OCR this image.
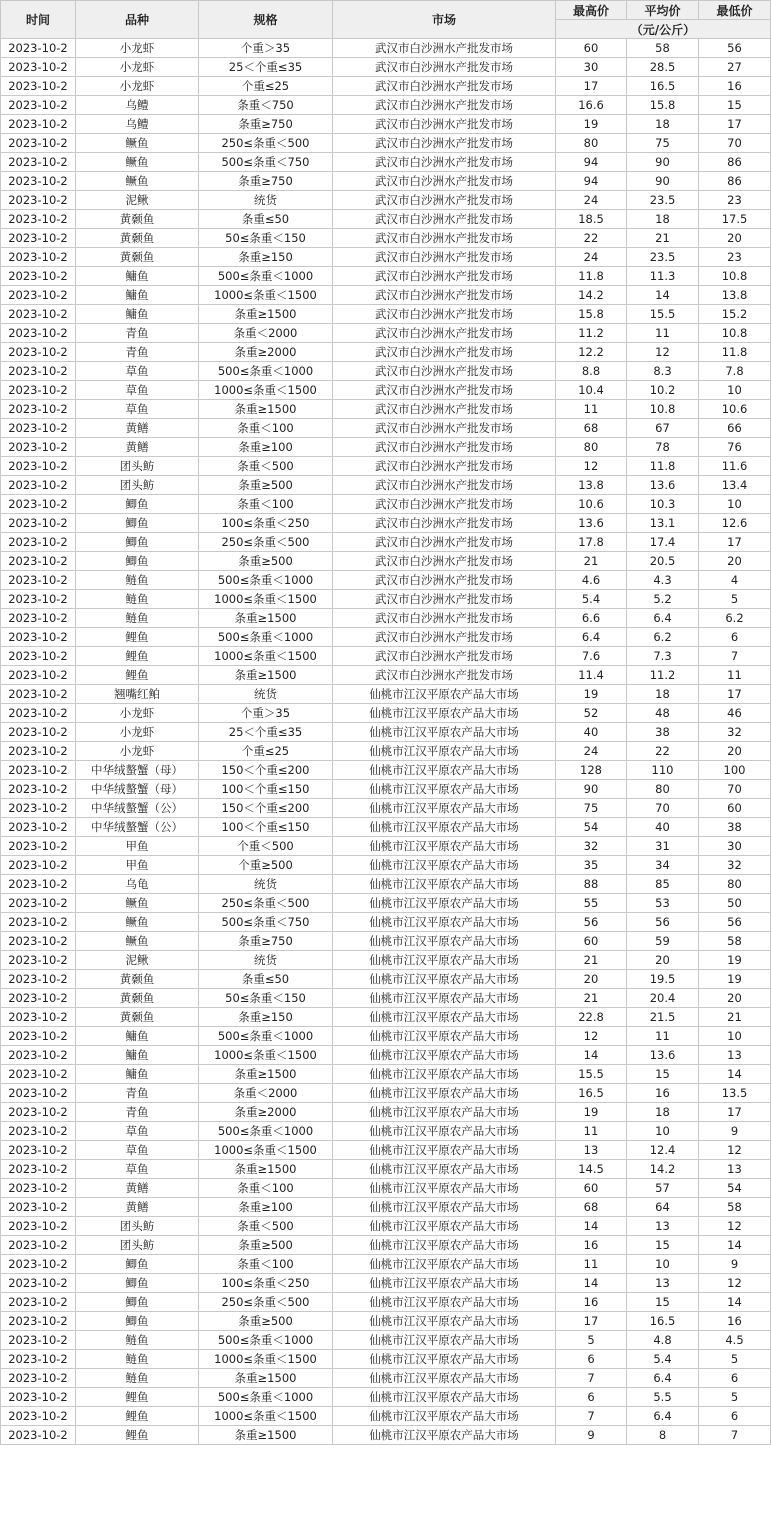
时间	品种	规格	市场	最高价	平均价	最低价
				（元/公斤）		
2023-10-2	小龙虾	个重＞35	武汉市白沙洲水产批发市场	60	58	56
2023-10-2	小龙虾	25＜个重≤35	武汉市白沙洲水产批发市场	30	28.5	27
2023-10-2	小龙虾	个重≤25	武汉市白沙洲水产批发市场	17	16.5	16
2023-10-2	乌鳢	条重＜750	武汉市白沙洲水产批发市场	16.6	15.8	15
2023-10-2	乌鳢	条重≥750	武汉市白沙洲水产批发市场	19	18	17
2023-10-2	鳜鱼	250≤条重＜500	武汉市白沙洲水产批发市场	80	75	70
2023-10-2	鳜鱼	500≤条重＜750	武汉市白沙洲水产批发市场	94	90	86
2023-10-2	鳜鱼	条重≥750	武汉市白沙洲水产批发市场	94	90	86
2023-10-2	泥鳅	统货	武汉市白沙洲水产批发市场	24	23.5	23
2023-10-2	黄颡鱼	条重≤50	武汉市白沙洲水产批发市场	18.5	18	17.5
2023-10-2	黄颡鱼	50≤条重＜150	武汉市白沙洲水产批发市场	22	21	20
2023-10-2	黄颡鱼	条重≥150	武汉市白沙洲水产批发市场	24	23.5	23
2023-10-2	鳙鱼	500≤条重＜1000	武汉市白沙洲水产批发市场	11.8	11.3	10.8
2023-10-2	鳙鱼	1000≤条重＜1500	武汉市白沙洲水产批发市场	14.2	14	13.8
2023-10-2	鳙鱼	条重≥1500	武汉市白沙洲水产批发市场	15.8	15.5	15.2
2023-10-2	青鱼	条重＜2000	武汉市白沙洲水产批发市场	11.2	11	10.8
2023-10-2	青鱼	条重≥2000	武汉市白沙洲水产批发市场	12.2	12	11.8
2023-10-2	草鱼	500≤条重＜1000	武汉市白沙洲水产批发市场	8.8	8.3	7.8
2023-10-2	草鱼	1000≤条重＜1500	武汉市白沙洲水产批发市场	10.4	10.2	10
2023-10-2	草鱼	条重≥1500	武汉市白沙洲水产批发市场	11	10.8	10.6
2023-10-2	黄鳝	条重＜100	武汉市白沙洲水产批发市场	68	67	66
2023-10-2	黄鳝	条重≥100	武汉市白沙洲水产批发市场	80	78	76
2023-10-2	团头鲂	条重＜500	武汉市白沙洲水产批发市场	12	11.8	11.6
2023-10-2	团头鲂	条重≥500	武汉市白沙洲水产批发市场	13.8	13.6	13.4
2023-10-2	鲫鱼	条重＜100	武汉市白沙洲水产批发市场	10.6	10.3	10
2023-10-2	鲫鱼	100≤条重＜250	武汉市白沙洲水产批发市场	13.6	13.1	12.6
2023-10-2	鲫鱼	250≤条重＜500	武汉市白沙洲水产批发市场	17.8	17.4	17
2023-10-2	鲫鱼	条重≥500	武汉市白沙洲水产批发市场	21	20.5	20
2023-10-2	鲢鱼	500≤条重＜1000	武汉市白沙洲水产批发市场	4.6	4.3	4
2023-10-2	鲢鱼	1000≤条重＜1500	武汉市白沙洲水产批发市场	5.4	5.2	5
2023-10-2	鲢鱼	条重≥1500	武汉市白沙洲水产批发市场	6.6	6.4	6.2
2023-10-2	鲤鱼	500≤条重＜1000	武汉市白沙洲水产批发市场	6.4	6.2	6
2023-10-2	鲤鱼	1000≤条重＜1500	武汉市白沙洲水产批发市场	7.6	7.3	7
2023-10-2	鲤鱼	条重≥1500	武汉市白沙洲水产批发市场	11.4	11.2	11
2023-10-2	翘嘴红鲌	统货	仙桃市江汉平原农产品大市场	19	18	17
2023-10-2	小龙虾	个重＞35	仙桃市江汉平原农产品大市场	52	48	46
2023-10-2	小龙虾	25＜个重≤35	仙桃市江汉平原农产品大市场	40	38	32
2023-10-2	小龙虾	个重≤25	仙桃市江汉平原农产品大市场	24	22	20
2023-10-2	中华绒螯蟹（母）	150＜个重≤200	仙桃市江汉平原农产品大市场	128	110	100
2023-10-2	中华绒螯蟹（母）	100＜个重≤150	仙桃市江汉平原农产品大市场	90	80	70
2023-10-2	中华绒螯蟹（公）	150＜个重≤200	仙桃市江汉平原农产品大市场	75	70	60
2023-10-2	中华绒螯蟹（公）	100＜个重≤150	仙桃市江汉平原农产品大市场	54	40	38
2023-10-2	甲鱼	个重＜500	仙桃市江汉平原农产品大市场	32	31	30
2023-10-2	甲鱼	个重≥500	仙桃市江汉平原农产品大市场	35	34	32
2023-10-2	乌龟	统货	仙桃市江汉平原农产品大市场	88	85	80
2023-10-2	鳜鱼	250≤条重＜500	仙桃市江汉平原农产品大市场	55	53	50
2023-10-2	鳜鱼	500≤条重＜750	仙桃市江汉平原农产品大市场	56	56	56
2023-10-2	鳜鱼	条重≥750	仙桃市江汉平原农产品大市场	60	59	58
2023-10-2	泥鳅	统货	仙桃市江汉平原农产品大市场	21	20	19
2023-10-2	黄颡鱼	条重≤50	仙桃市江汉平原农产品大市场	20	19.5	19
2023-10-2	黄颡鱼	50≤条重＜150	仙桃市江汉平原农产品大市场	21	20.4	20
2023-10-2	黄颡鱼	条重≥150	仙桃市江汉平原农产品大市场	22.8	21.5	21
2023-10-2	鳙鱼	500≤条重＜1000	仙桃市江汉平原农产品大市场	12	11	10
2023-10-2	鳙鱼	1000≤条重＜1500	仙桃市江汉平原农产品大市场	14	13.6	13
2023-10-2	鳙鱼	条重≥1500	仙桃市江汉平原农产品大市场	15.5	15	14
2023-10-2	青鱼	条重＜2000	仙桃市江汉平原农产品大市场	16.5	16	13.5
2023-10-2	青鱼	条重≥2000	仙桃市江汉平原农产品大市场	19	18	17
2023-10-2	草鱼	500≤条重＜1000	仙桃市江汉平原农产品大市场	11	10	9
2023-10-2	草鱼	1000≤条重＜1500	仙桃市江汉平原农产品大市场	13	12.4	12
2023-10-2	草鱼	条重≥1500	仙桃市江汉平原农产品大市场	14.5	14.2	13
2023-10-2	黄鳝	条重＜100	仙桃市江汉平原农产品大市场	60	57	54
2023-10-2	黄鳝	条重≥100	仙桃市江汉平原农产品大市场	68	64	58
2023-10-2	团头鲂	条重＜500	仙桃市江汉平原农产品大市场	14	13	12
2023-10-2	团头鲂	条重≥500	仙桃市江汉平原农产品大市场	16	15	14
2023-10-2	鲫鱼	条重＜100	仙桃市江汉平原农产品大市场	11	10	9
2023-10-2	鲫鱼	100≤条重＜250	仙桃市江汉平原农产品大市场	14	13	12
2023-10-2	鲫鱼	250≤条重＜500	仙桃市江汉平原农产品大市场	16	15	14
2023-10-2	鲫鱼	条重≥500	仙桃市江汉平原农产品大市场	17	16.5	16
2023-10-2	鲢鱼	500≤条重＜1000	仙桃市江汉平原农产品大市场	5	4.8	4.5
2023-10-2	鲢鱼	1000≤条重＜1500	仙桃市江汉平原农产品大市场	6	5.4	5
2023-10-2	鲢鱼	条重≥1500	仙桃市江汉平原农产品大市场	7	6.4	6
2023-10-2	鲤鱼	500≤条重＜1000	仙桃市江汉平原农产品大市场	6	5.5	5
2023-10-2	鲤鱼	1000≤条重＜1500	仙桃市江汉平原农产品大市场	7	6.4	6
2023-10-2	鲤鱼	条重≥1500	仙桃市江汉平原农产品大市场	9	8	7
